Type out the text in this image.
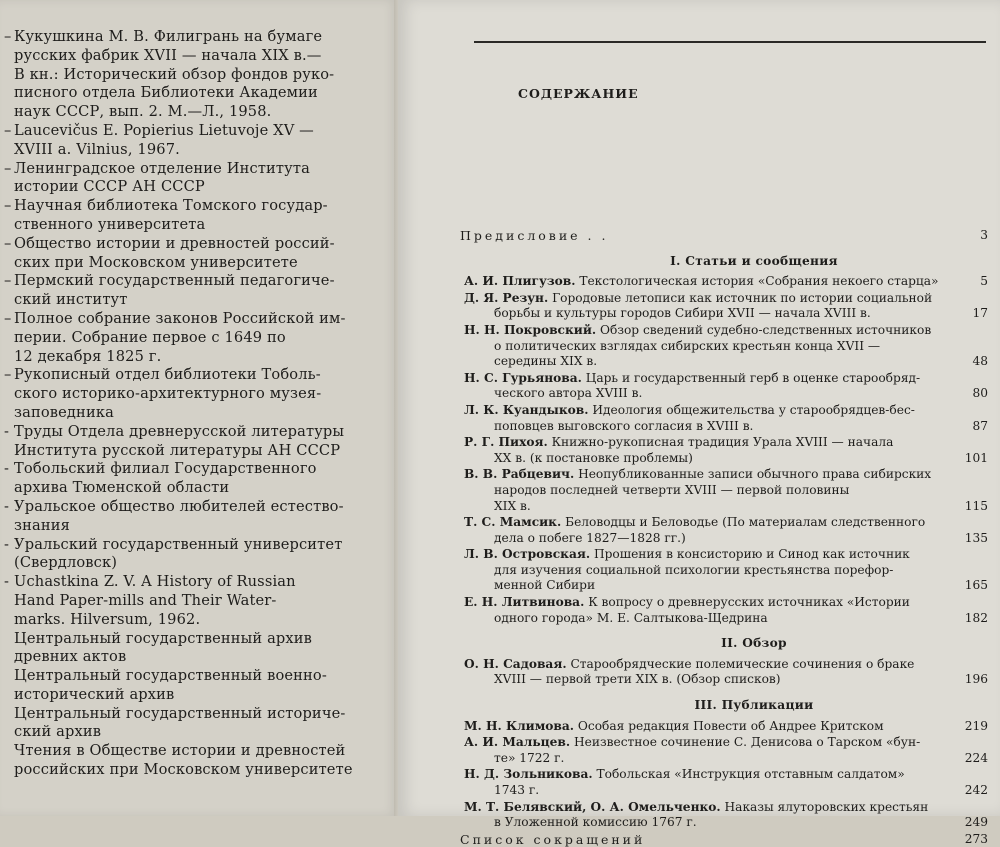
– Кукушкина М. В. Филигрань на бумаге
русских фабрик XVII — начала XIX в.—
В кн.: Исторический обзор фондов руко-
писного отдела Библиотеки Академии
наук СССР, вып. 2. М.—Л., 1958.
– Laucevičus E. Popierius Lietuvoje XV —
XVIII a. Vilnius, 1967.
– Ленинградское отделение Института
истории СССР АН СССР
– Научная библиотека Томского государ-
ственного университета
– Общество истории и древностей россий-
ских при Московском университете
– Пермский государственный педагогиче-
ский институт
– Полное собрание законов Российской им-
перии. Собрание первое с 1649 по
12 декабря 1825 г.
– Рукописный отдел библиотеки Тоболь-
ского историко-архитектурного музея-
заповедника
- Труды Отдела древнерусской литературы
Института русской литературы АН СССР
- Тобольский филиал Государственного
архива Тюменской области
- Уральское общество любителей естество-
знания
- Уральский государственный университет
(Свердловск)
- Uchastkina Z. V. A History of Russian
Hand Paper-mills and Their Water-
marks. Hilversum, 1962.
Центральный государственный архив
древних актов
Центральный государственный военно-
исторический архив
Центральный государственный историче-
ский архив
Чтения в Обществе истории и древностей
российских при Московском университете
СОДЕРЖАНИЕ
Предисловие . .	3
I. Статьи и сообщения
А. И. Плигузов. Текстологическая история «Собрания некоего старца»	5
Д. Я. Резун. Городовые летописи как источник по истории социальной
борьбы и культуры городов Сибири XVII — начала XVIII в.	17
Н. Н. Покровский. Обзор сведений судебно-следственных источников
о политических взглядах сибирских крестьян конца XVII —
середины XIX в.	48
Н. С. Гурьянова. Царь и государственный герб в оценке старообряд-
ческого автора XVIII в.	80
Л. К. Куандыков. Идеология общежительства у старообрядцев-бес-
поповцев выговского согласия в XVIII в.	87
Р. Г. Пихоя. Книжно-рукописная традиция Урала XVIII — начала
XX в. (к постановке проблемы)	101
В. В. Рабцевич. Неопубликованные записи обычного права сибирских
народов последней четверти XVIII — первой половины
XIX в.	115
Т. С. Мамсик. Беловодцы и Беловодье (По материалам следственного
дела о побеге 1827—1828 гг.)	135
Л. В. Островская. Прошения в консисторию и Синод как источник
для изучения социальной психологии крестьянства порефор-
менной Сибири	165
Е. Н. Литвинова. К вопросу о древнерусских источниках «Истории
одного города» М. Е. Салтыкова-Щедрина	182
II. Обзор
О. Н. Садовая. Старообрядческие полемические сочинения о браке
XVIII — первой трети XIX в. (Обзор списков)	196
III. Публикации
М. Н. Климова. Особая редакция Повести об Андрее Критском	219
А. И. Мальцев. Неизвестное сочинение С. Денисова о Тарском «бун-
те» 1722 г.	224
Н. Д. Зольникова. Тобольская «Инструкция отставным салдатом»
1743 г.	242
М. Т. Белявский, О. А. Омельченко. Наказы ялуторовских крестьян
в Уложенной комиссию 1767 г.	249
Список сокращений	273
